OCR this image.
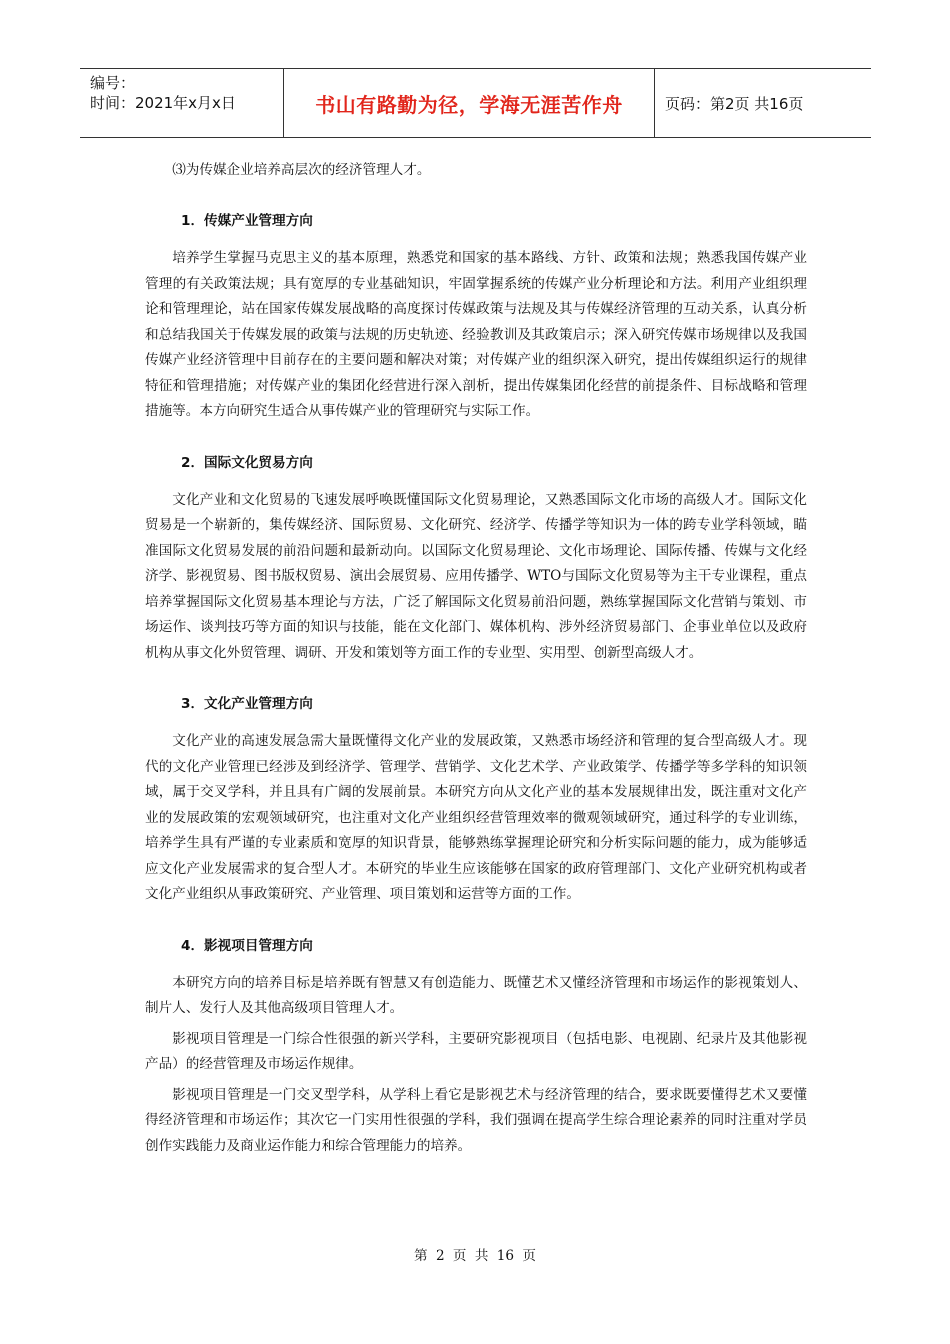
编号：
时间：2021年x月x日	书山有路勤为径，学海无涯苦作舟	页码：第2页 共16页

⑶为传媒企业培养高层次的经济管理人才。

1．传媒产业管理方向

培养学生掌握马克思主义的基本原理，熟悉党和国家的基本路线、方针、政策和法规；熟悉我国传媒产业管理的有关政策法规；具有宽厚的专业基础知识，牢固掌握系统的传媒产业分析理论和方法。利用产业组织理论和管理理论，站在国家传媒发展战略的高度探讨传媒政策与法规及其与传媒经济管理的互动关系，认真分析和总结我国关于传媒发展的政策与法规的历史轨迹、经验教训及其政策启示；深入研究传媒市场规律以及我国传媒产业经济管理中目前存在的主要问题和解决对策；对传媒产业的组织深入研究，提出传媒组织运行的规律特征和管理措施；对传媒产业的集团化经营进行深入剖析，提出传媒集团化经营的前提条件、目标战略和管理措施等。本方向研究生适合从事传媒产业的管理研究与实际工作。

2．国际文化贸易方向

文化产业和文化贸易的飞速发展呼唤既懂国际文化贸易理论，又熟悉国际文化市场的高级人才。国际文化贸易是一个崭新的，集传媒经济、国际贸易、文化研究、经济学、传播学等知识为一体的跨专业学科领域，瞄准国际文化贸易发展的前沿问题和最新动向。以国际文化贸易理论、文化市场理论、国际传播、传媒与文化经济学、影视贸易、图书版权贸易、演出会展贸易、应用传播学、WTO与国际文化贸易等为主干专业课程，重点培养掌握国际文化贸易基本理论与方法，广泛了解国际文化贸易前沿问题，熟练掌握国际文化营销与策划、市场运作、谈判技巧等方面的知识与技能，能在文化部门、媒体机构、涉外经济贸易部门、企事业单位以及政府机构从事文化外贸管理、调研、开发和策划等方面工作的专业型、实用型、创新型高级人才。

3．文化产业管理方向

文化产业的高速发展急需大量既懂得文化产业的发展政策，又熟悉市场经济和管理的复合型高级人才。现代的文化产业管理已经涉及到经济学、管理学、营销学、文化艺术学、产业政策学、传播学等多学科的知识领域，属于交叉学科，并且具有广阔的发展前景。本研究方向从文化产业的基本发展规律出发，既注重对文化产业的发展政策的宏观领域研究，也注重对文化产业组织经营管理效率的微观领域研究，通过科学的专业训练，培养学生具有严谨的专业素质和宽厚的知识背景，能够熟练掌握理论研究和分析实际问题的能力，成为能够适应文化产业发展需求的复合型人才。本研究的毕业生应该能够在国家的政府管理部门、文化产业研究机构或者文化产业组织从事政策研究、产业管理、项目策划和运营等方面的工作。

4．影视项目管理方向

本研究方向的培养目标是培养既有智慧又有创造能力、既懂艺术又懂经济管理和市场运作的影视策划人、制片人、发行人及其他高级项目管理人才。

影视项目管理是一门综合性很强的新兴学科，主要研究影视项目（包括电影、电视剧、纪录片及其他影视产品）的经营管理及市场运作规律。

影视项目管理是一门交叉型学科，从学科上看它是影视艺术与经济管理的结合，要求既要懂得艺术又要懂得经济管理和市场运作；其次它一门实用性很强的学科，我们强调在提高学生综合理论素养的同时注重对学员创作实践能力及商业运作能力和综合管理能力的培养。

第 2 页 共 16 页
